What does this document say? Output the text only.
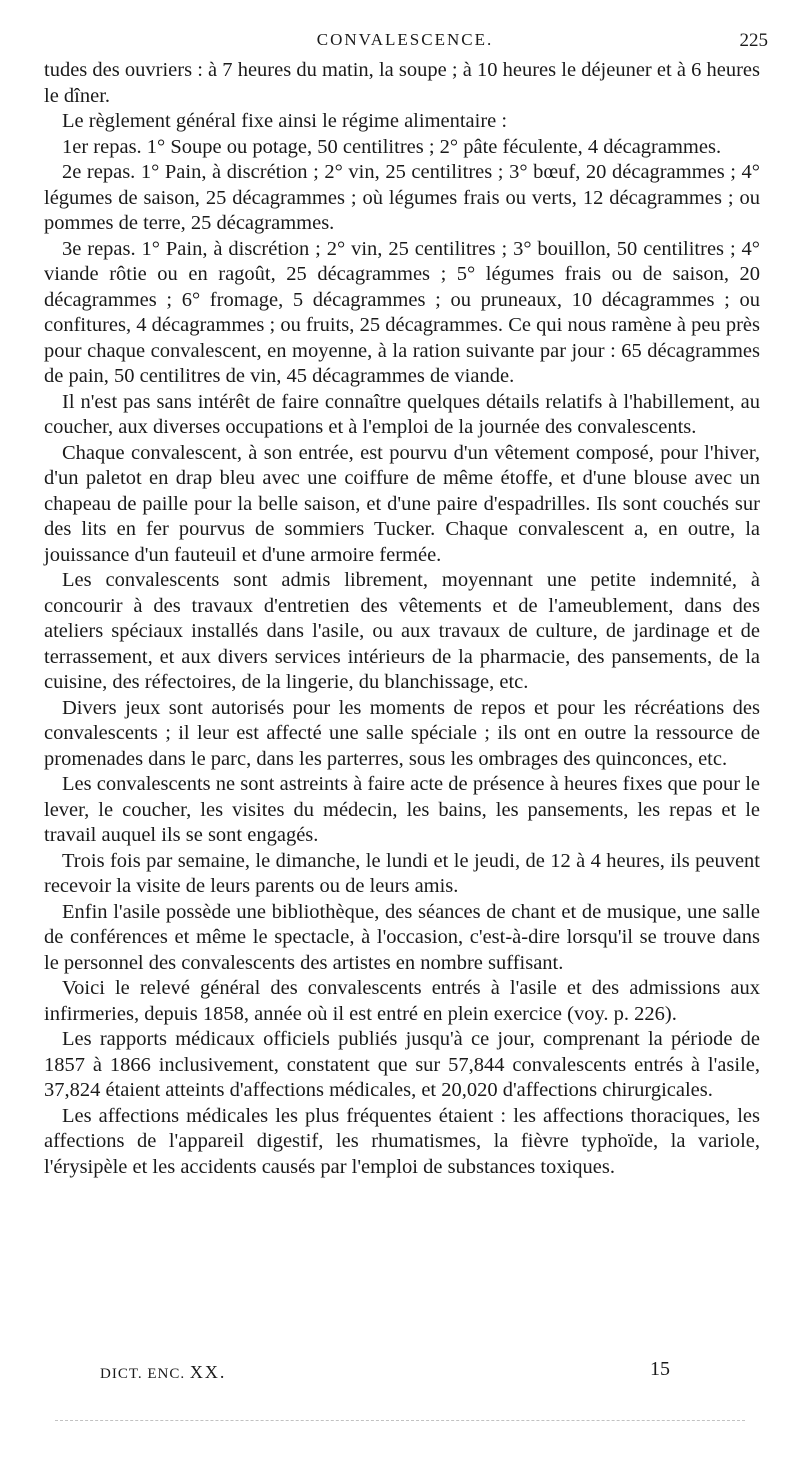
CONVALESCENCE.	225

tudes des ouvriers : à 7 heures du matin, la soupe ; à 10 heures le déjeuner et à 6 heures le dîner.

Le règlement général fixe ainsi le régime alimentaire :

1er repas. 1° Soupe ou potage, 50 centilitres ; 2° pâte féculente, 4 décagrammes.

2e repas. 1° Pain, à discrétion ; 2° vin, 25 centilitres ; 3° bœuf, 20 décagrammes ; 4° légumes de saison, 25 décagrammes ; où légumes frais ou verts, 12 décagrammes ; ou pommes de terre, 25 décagrammes.

3e repas. 1° Pain, à discrétion ; 2° vin, 25 centilitres ; 3° bouillon, 50 centilitres ; 4° viande rôtie ou en ragoût, 25 décagrammes ; 5° légumes frais ou de saison, 20 décagrammes ; 6° fromage, 5 décagrammes ; ou pruneaux, 10 décagrammes ; ou confitures, 4 décagrammes ; ou fruits, 25 décagrammes. Ce qui nous ramène à peu près pour chaque convalescent, en moyenne, à la ration suivante par jour : 65 décagrammes de pain, 50 centilitres de vin, 45 décagrammes de viande.

Il n'est pas sans intérêt de faire connaître quelques détails relatifs à l'habillement, au coucher, aux diverses occupations et à l'emploi de la journée des convalescents.

Chaque convalescent, à son entrée, est pourvu d'un vêtement composé, pour l'hiver, d'un paletot en drap bleu avec une coiffure de même étoffe, et d'une blouse avec un chapeau de paille pour la belle saison, et d'une paire d'espadrilles. Ils sont couchés sur des lits en fer pourvus de sommiers Tucker. Chaque convalescent a, en outre, la jouissance d'un fauteuil et d'une armoire fermée.

Les convalescents sont admis librement, moyennant une petite indemnité, à concourir à des travaux d'entretien des vêtements et de l'ameublement, dans des ateliers spéciaux installés dans l'asile, ou aux travaux de culture, de jardinage et de terrassement, et aux divers services intérieurs de la pharmacie, des pansements, de la cuisine, des réfectoires, de la lingerie, du blanchissage, etc.

Divers jeux sont autorisés pour les moments de repos et pour les récréations des convalescents ; il leur est affecté une salle spéciale ; ils ont en outre la ressource de promenades dans le parc, dans les parterres, sous les ombrages des quinconces, etc.

Les convalescents ne sont astreints à faire acte de présence à heures fixes que pour le lever, le coucher, les visites du médecin, les bains, les pansements, les repas et le travail auquel ils se sont engagés.

Trois fois par semaine, le dimanche, le lundi et le jeudi, de 12 à 4 heures, ils peuvent recevoir la visite de leurs parents ou de leurs amis.

Enfin l'asile possède une bibliothèque, des séances de chant et de musique, une salle de conférences et même le spectacle, à l'occasion, c'est-à-dire lorsqu'il se trouve dans le personnel des convalescents des artistes en nombre suffisant.

Voici le relevé général des convalescents entrés à l'asile et des admissions aux infirmeries, depuis 1858, année où il est entré en plein exercice (voy. p. 226).

Les rapports médicaux officiels publiés jusqu'à ce jour, comprenant la période de 1857 à 1866 inclusivement, constatent que sur 57,844 convalescents entrés à l'asile, 37,824 étaient atteints d'affections médicales, et 20,020 d'affections chirurgicales.

Les affections médicales les plus fréquentes étaient : les affections thoraciques, les affections de l'appareil digestif, les rhumatismes, la fièvre typhoïde, la variole, l'érysipèle et les accidents causés par l'emploi de substances toxiques.

DICT. ENC. XX.	15
